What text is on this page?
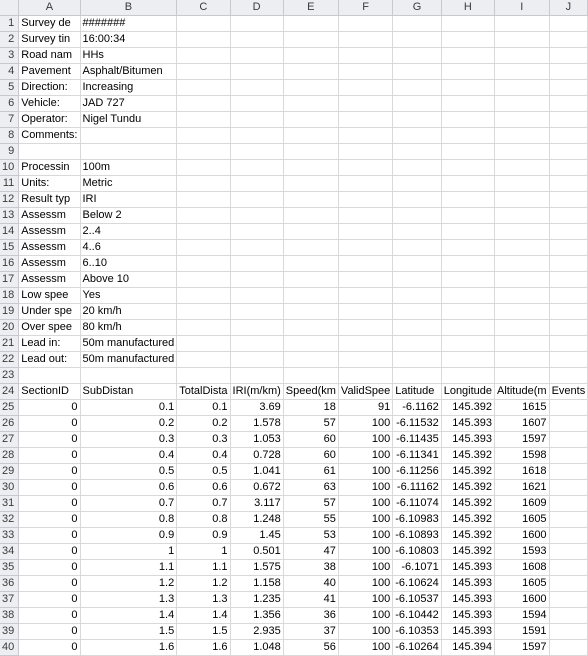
	A	B	C	D	E	F	G	H	I	J
1	Survey de	#######								
2	Survey tin	16:00:34								
3	Road nam	HHs								
4	Pavement	Asphalt/Bitumen								
5	Direction:	Increasing								
6	Vehicle:	JAD 727								
7	Operator:	Nigel Tundu								
8	Comments:									
9										
10	Processin	100m								
11	Units:	Metric								
12	Result typ	IRI								
13	Assessm	Below 2								
14	Assessm	2..4								
15	Assessm	4..6								
16	Assessm	6..10								
17	Assessm	Above 10								
18	Low spee	Yes								
19	Under spe	20 km/h								
20	Over spee	80 km/h								
21	Lead in:	50m manufactured								
22	Lead out:	50m manufactured								
23										
24	SectionID	SubDistan	TotalDista	IRI(m/km)	Speed(km	ValidSpee	Latitude	Longitude	Altitude(m	Events
25	0	0.1	0.1	3.69	18	91	-6.1162	145.392	1615	
26	0	0.2	0.2	1.578	57	100	-6.11532	145.393	1607	
27	0	0.3	0.3	1.053	60	100	-6.11435	145.393	1597	
28	0	0.4	0.4	0.728	60	100	-6.11341	145.392	1598	
29	0	0.5	0.5	1.041	61	100	-6.11256	145.392	1618	
30	0	0.6	0.6	0.672	63	100	-6.11162	145.392	1621	
31	0	0.7	0.7	3.117	57	100	-6.11074	145.392	1609	
32	0	0.8	0.8	1.248	55	100	-6.10983	145.392	1605	
33	0	0.9	0.9	1.45	53	100	-6.10893	145.392	1600	
34	0	1	1	0.501	47	100	-6.10803	145.392	1593	
35	0	1.1	1.1	1.575	38	100	-6.1071	145.393	1608	
36	0	1.2	1.2	1.158	40	100	-6.10624	145.393	1605	
37	0	1.3	1.3	1.235	41	100	-6.10537	145.393	1600	
38	0	1.4	1.4	1.356	36	100	-6.10442	145.393	1594	
39	0	1.5	1.5	2.935	37	100	-6.10353	145.393	1591	
40	0	1.6	1.6	1.048	56	100	-6.10264	145.394	1597	
